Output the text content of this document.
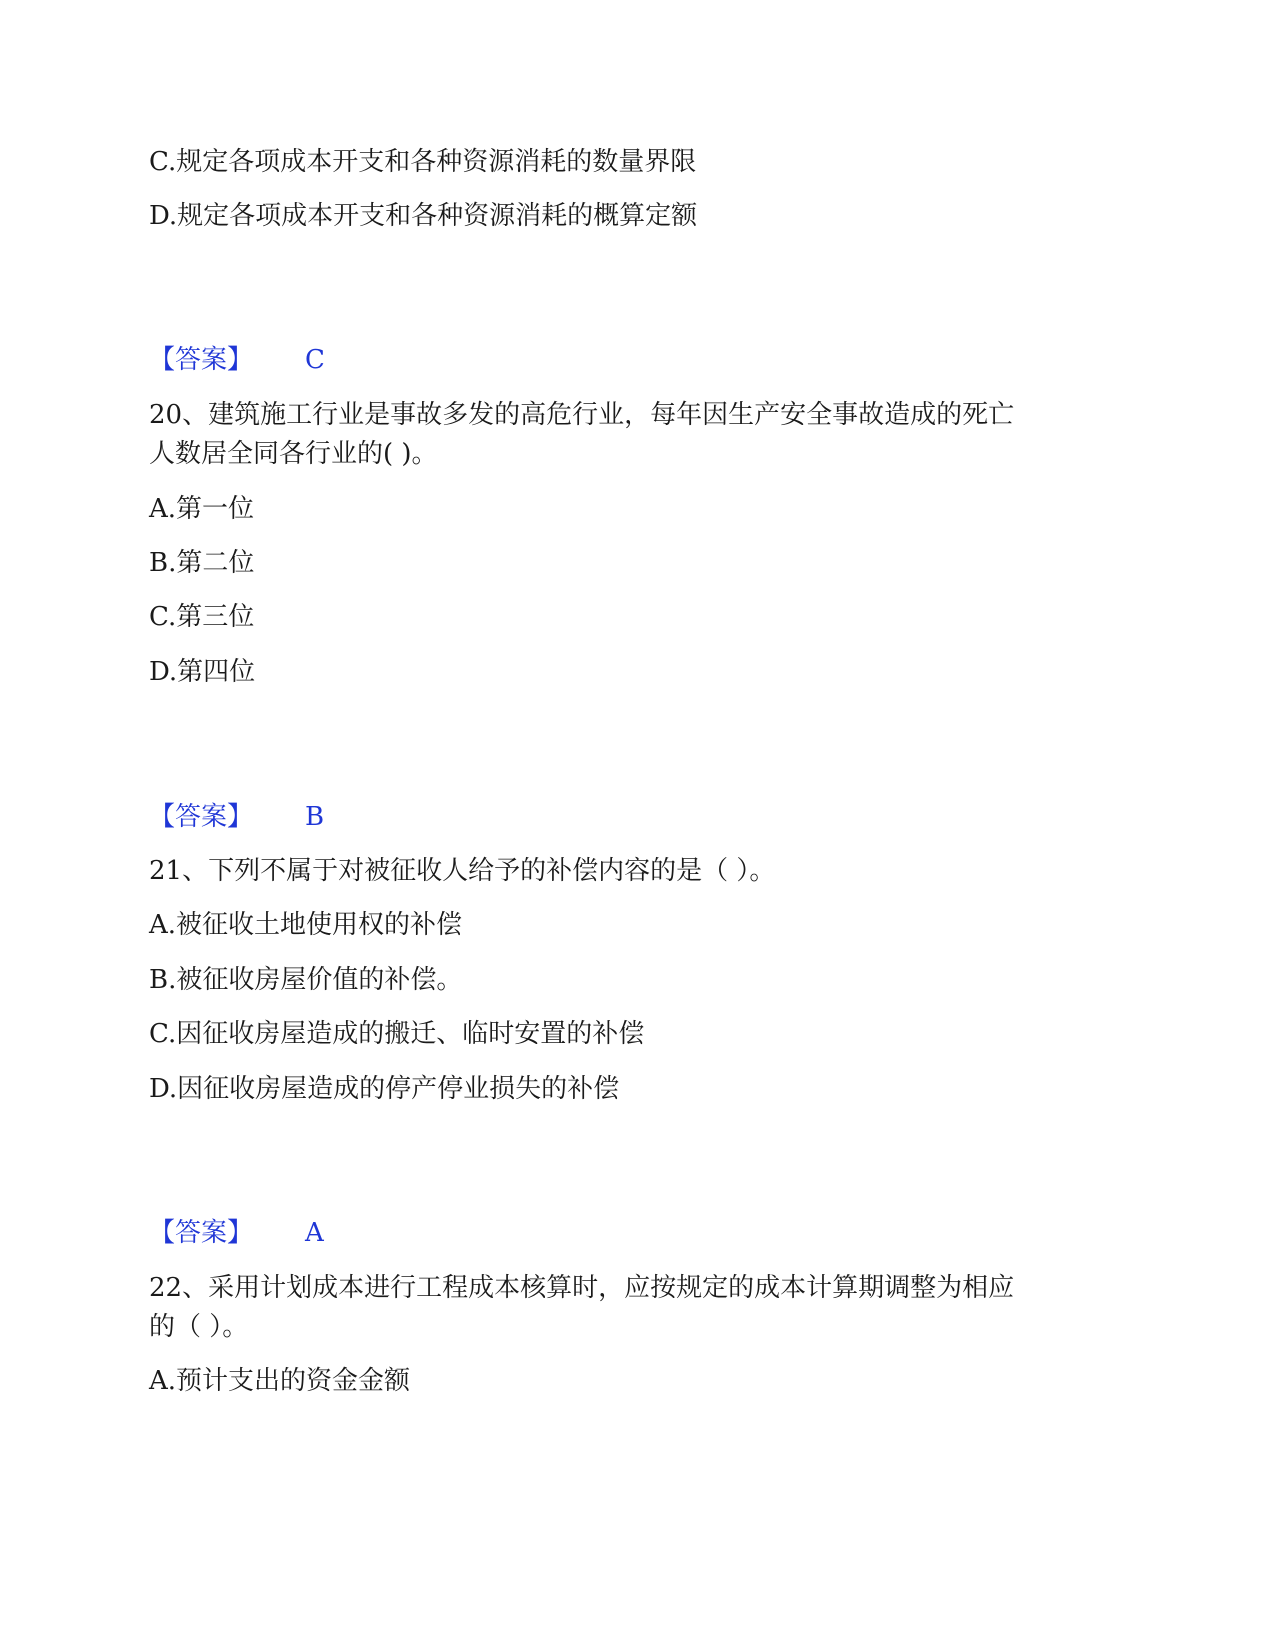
C.规定各项成本开支和各种资源消耗的数量界限
D.规定各项成本开支和各种资源消耗的概算定额
【答案】 C
20、建筑施工行业是事故多发的高危行业，每年因生产安全事故造成的死亡
人数居全同各行业的( )。
A.第一位
B.第二位
C.第三位
D.第四位
【答案】 B
21、下列不属于对被征收人给予的补偿内容的是（ ）。
A.被征收土地使用权的补偿
B.被征收房屋价值的补偿。
C.因征收房屋造成的搬迁、临时安置的补偿
D.因征收房屋造成的停产停业损失的补偿
【答案】 A
22、采用计划成本进行工程成本核算时，应按规定的成本计算期调整为相应
的（ ）。
A.预计支出的资金金额
